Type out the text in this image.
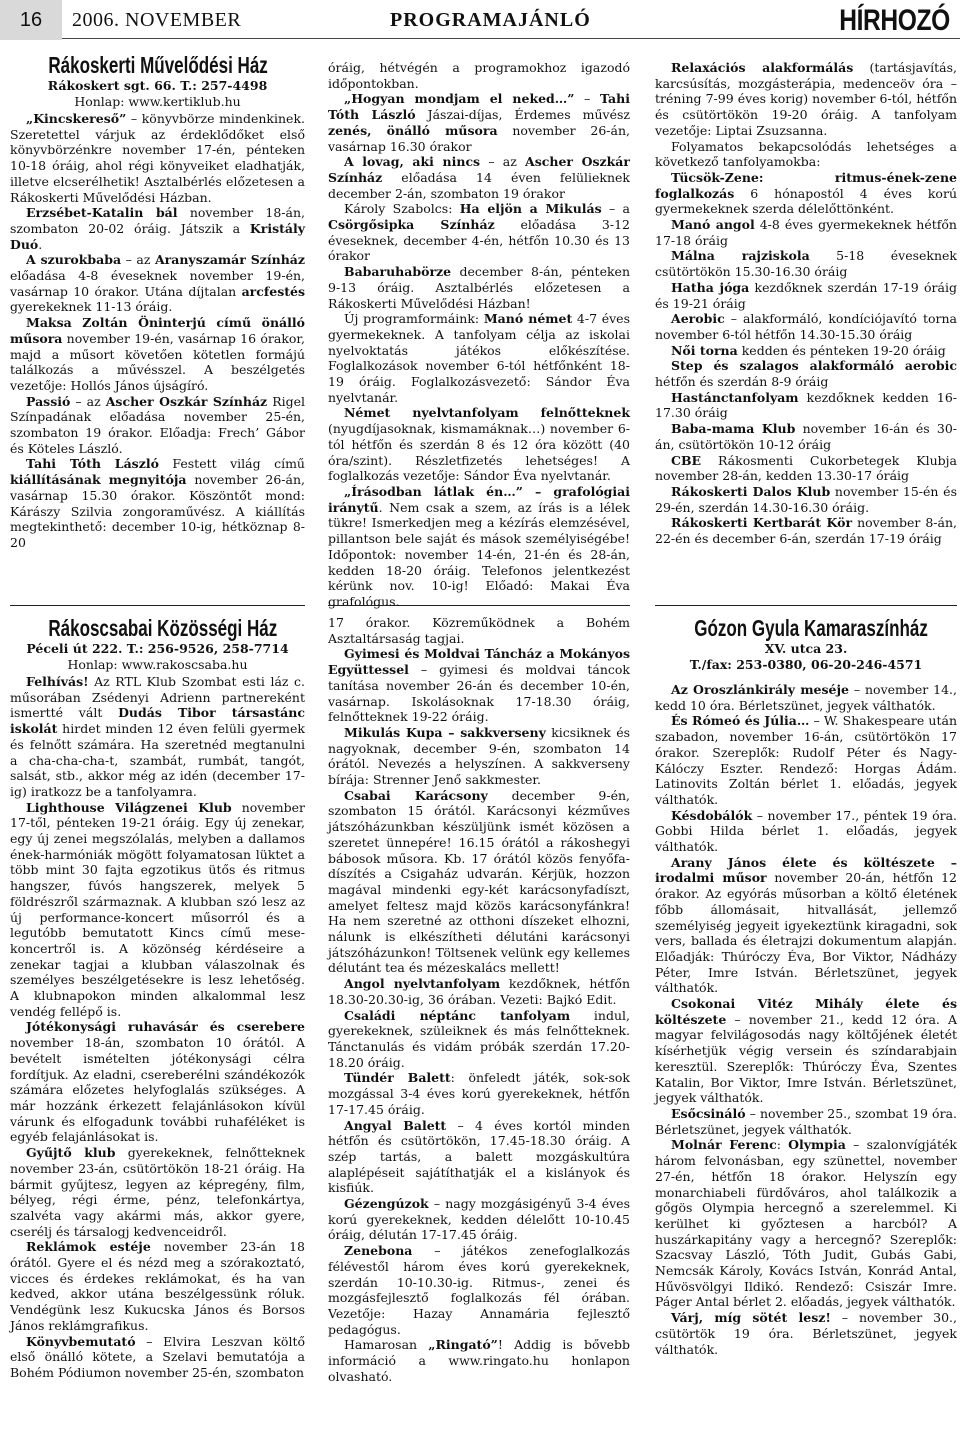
16	2006. NOVEMBER	PROGRAMAJÁNLÓ	HÍRHOZÓ
Rákoskerti Művelődési Ház
Rákoskert sgt. 66. T.: 257-4498
Honlap: www.kertiklub.hu

„Kincskereső” – könyvbörze mindenkinek. Szeretettel várjuk az érdeklődőket első könyvbörzénkre november 17-én, pénteken 10-18 óráig, ahol régi könyveiket eladhatják, illetve elcserélhetik! Asztalbérlés előzetesen a Rákoskerti Művelődési Házban.

Erzsébet-Katalin bál november 18-án, szombaton 20-02 óráig. Játszik a Kristály Duó.

A szurokbaba – az Aranyszamár Színház előadása 4-8 éveseknek november 19-én, vasárnap 10 órakor. Utána díjtalan arcfestés gyerekeknek 11-13 óráig.

Maksa Zoltán Öninterjú című önálló műsora november 19-én, vasárnap 16 órakor, majd a műsort követően kötetlen formájú találkozás a művésszel. A beszélgetés vezetője: Hollós János újságíró.

Passió – az Ascher Oszkár Színház Rigel Színpadának előadása november 25-én, szombaton 19 órakor. Előadja: Frech’ Gábor és Köteles László.

Tahi Tóth László Festett világ című kiállításának megnyitója november 26-án, vasárnap 15.30 órakor. Köszöntőt mond: Kárászy Szilvia zongoraművész. A kiállítás megtekinthető: december 10-ig, hétköznap 8-20

óráig, hétvégén a programokhoz igazodó időpontokban.

„Hogyan mondjam el neked…” – Tahi Tóth László Jászai-díjas, Érdemes művész zenés, önálló műsora november 26-án, vasárnap 16.30 órakor

A lovag, aki nincs – az Ascher Oszkár Színház előadása 14 éven felülieknek december 2-án, szombaton 19 órakor

Károly Szabolcs: Ha eljön a Mikulás – a Csörgősipka Színház előadása 3-12 éveseknek, december 4-én, hétfőn 10.30 és 13 órakor

Babaruhabörze december 8-án, pénteken 9-13 óráig. Asztalbérlés előzetesen a Rákoskerti Művelődési Házban!

Új programformáink: Manó német 4-7 éves gyermekeknek. A tanfolyam célja az iskolai nyelvoktatás játékos előkészítése. Foglalkozások november 6-tól hétfőnként 18-19 óráig. Foglalkozásvezető: Sándor Éva nyelvtanár.

Német nyelvtanfolyam felnőtteknek (nyugdíjasoknak, kismamáknak…) november 6-tól hétfőn és szerdán 8 és 12 óra között (40 óra/szint). Részletfizetés lehetséges! A foglalkozás vezetője: Sándor Éva nyelvtanár.

„Írásodban látlak én…” – grafológiai iránytű. Nem csak a szem, az írás is a lélek tükre! Ismerkedjen meg a kézírás elemzésével, pillantson bele saját és mások személyiségébe! Időpontok: november 14-én, 21-én és 28-án, kedden 18-20 óráig. Telefonos jelentkezést kérünk nov. 10-ig! Előadó: Makai Éva grafológus.

Relaxációs alakformálás (tartásjavítás, karcsúsítás, mozgásterápia, medenceöv óra – tréning 7-99 éves korig) november 6-tól, hétfőn és csütörtökön 19-20 óráig. A tanfolyam vezetője: Liptai Zsuzsanna.

Folyamatos bekapcsolódás lehetséges a következő tanfolyamokba:

Tücsök-Zene: ritmus-ének-zene foglalkozás 6 hónapostól 4 éves korú gyermekeknek szerda délelőttönként.

Manó angol 4-8 éves gyermekeknek hétfőn 17-18 óráig

Málna rajziskola 5-18 éveseknek csütörtökön 15.30-16.30 óráig

Hatha jóga kezdőknek szerdán 17-19 óráig és 19-21 óráig

Aerobic – alakformáló, kondíciójavító torna november 6-tól hétfőn 14.30-15.30 óráig

Női torna kedden és pénteken 19-20 óráig

Step és szalagos alakformáló aerobic hétfőn és szerdán 8-9 óráig

Hastánctanfolyam kezdőknek kedden 16-17.30 óráig

Baba-mama Klub november 16-án és 30-án, csütörtökön 10-12 óráig

CBE Rákosmenti Cukorbetegek Klubja november 28-án, kedden 13.30-17 óráig

Rákoskerti Dalos Klub november 15-én és 29-én, szerdán 14.30-16.30 óráig.

Rákoskerti Kertbarát Kör november 8-án, 22-én és december 6-án, szerdán 17-19 óráig

Rákoscsabai Közösségi Ház
Péceli út 222. T.: 256-9526, 258-7714
Honlap: www.rakoscsaba.hu

Felhívás! Az RTL Klub Szombat esti láz c. műsorában Zsédenyi Adrienn partnereként ismertté vált Dudás Tibor társastánc iskolát hirdet minden 12 éven felüli gyermek és felnőtt számára. Ha szeretnéd megtanulni a cha-cha-cha-t, szambát, rumbát, tangót, salsát, stb., akkor még az idén (december 17-ig) iratkozz be a tanfolyamra.

Lighthouse Világzenei Klub november 17-től, pénteken 19-21 óráig. Egy új zenekar, egy új zenei megszólalás, melyben a dallamos ének-harmóniák mögött folyamatosan lüktet a több mint 30 fajta egzotikus ütős és ritmus hangszer, fúvós hangszerek, melyek 5 földrészről származnak. A klubban szó lesz az új performance-koncert műsorról és a legutóbb bemutatott Kincs című mese-koncertről is. A közönség kérdéseire a zenekar tagjai a klubban válaszolnak és személyes beszélgetésekre is lesz lehetőség. A klubnapokon minden alkalommal lesz vendég fellépő is.

Jótékonysági ruhavásár és cserebere november 18-án, szombaton 10 órától. A bevételt ismételten jótékonysági célra fordítjuk. Az eladni, csereberélni szándékozók számára előzetes helyfoglalás szükséges. A már hozzánk érkezett felajánlásokon kívül várunk és elfogadunk további ruhaféléket is egyéb felajánlásokat is.

Gyűjtő klub gyerekeknek, felnőtteknek november 23-án, csütörtökön 18-21 óráig. Ha bármit gyűjtesz, legyen az képregény, film, bélyeg, régi érme, pénz, telefonkártya, szalvéta vagy akármi más, akkor gyere, cserélj és társalogj kedvenceidről.

Reklámok estéje november 23-án 18 órától. Gyere el és nézd meg a szórakoztató, vicces és érdekes reklámokat, és ha van kedved, akkor utána beszélgessünk róluk. Vendégünk lesz Kukucska János és Borsos János reklámgrafikus.

Könyvbemutató – Elvira Leszvan költő első önálló kötete, a Szelavi bemutatója a Bohém Pódiumon november 25-én, szombaton

17 órakor. Közreműködnek a Bohém Asztaltársaság tagjai.

Gyimesi és Moldvai Táncház a Mokányos Együttessel – gyimesi és moldvai táncok tanítása november 26-án és december 10-én, vasárnap. Iskolásoknak 17-18.30 óráig, felnőtteknek 19-22 óráig.

Mikulás Kupa – sakkverseny kicsiknek és nagyoknak, december 9-én, szombaton 14 órától. Nevezés a helyszínen. A sakkverseny bírája: Strenner Jenő sakkmester.

Csabai Karácsony december 9-én, szombaton 15 órától. Karácsonyi kézműves játszóházunkban készüljünk ismét közösen a szeretet ünnepére! 16.15 órától a rákoshegyi bábosok műsora. Kb. 17 órától közös fenyőfa-díszítés a Csigaház udvarán. Kérjük, hozzon magával mindenki egy-két karácsonyfadíszt, amelyet feltesz majd közös karácsonyfánkra! Ha nem szeretné az otthoni díszeket elhozni, nálunk is elkészítheti délutáni karácsonyi játszóházunkon! Töltsenek velünk egy kellemes délutánt tea és mézeskalács mellett!

Angol nyelvtanfolyam kezdőknek, hétfőn 18.30-20.30-ig, 36 órában. Vezeti: Bajkó Edit.

Családi néptánc tanfolyam indul, gyerekeknek, szüleiknek és más felnőtteknek. Tánctanulás és vidám próbák szerdán 17.20-18.20 óráig.

Tündér Balett: önfeledt játék, sok-sok mozgással 3-4 éves korú gyerekeknek, hétfőn 17-17.45 óráig.

Angyal Balett – 4 éves kortól minden hétfőn és csütörtökön, 17.45-18.30 óráig. A szép tartás, a balett mozgáskultúra alaplépéseit sajátíthatják el a kislányok és kisfiúk.

Gézengúzok – nagy mozgásigényű 3-4 éves korú gyerekeknek, kedden délelőtt 10-10.45 óráig, délután 17-17.45 óráig.

Zenebona – játékos zenefoglalkozás félévestől három éves korú gyerekeknek, szerdán 10-10.30-ig. Ritmus-, zenei és mozgásfejlesztő foglalkozás fél órában. Vezetője: Hazay Annamária fejlesztő pedagógus.

Hamarosan „Ringató”! Addig is bővebb információ a www.ringato.hu honlapon olvasható.

Gózon Gyula Kamaraszínház
XV. utca 23.
T./fax: 253-0380, 06-20-246-4571

Az Oroszlánkirály meséje – november 14., kedd 10 óra. Bérletszünet, jegyek válthatók.

És Rómeó és Júlia… – W. Shakespeare után szabadon, november 16-án, csütörtökön 17 órakor. Szereplők: Rudolf Péter és Nagy-Kálóczy Eszter. Rendező: Horgas Ádám. Latinovits Zoltán bérlet 1. előadás, jegyek válthatók.

Késdobálók – november 17., péntek 19 óra. Gobbi Hilda bérlet 1. előadás, jegyek válthatók.

Arany János élete és költészete – irodalmi műsor november 20-án, hétfőn 12 órakor. Az egyórás műsorban a költő életének főbb állomásait, hitvallását, jellemző személyiség jegyeit igyekeztünk kiragadni, sok vers, ballada és életrajzi dokumentum alapján. Előadják: Thúróczy Éva, Bor Viktor, Nádházy Péter, Imre István. Bérletszünet, jegyek válthatók.

Csokonai Vitéz Mihály élete és költészete – november 21., kedd 12 óra. A magyar felvilágosodás nagy költőjének életét kísérhetjük végig versein és színdarabjain keresztül. Szereplők: Thúróczy Éva, Szentes Katalin, Bor Viktor, Imre István. Bérletszünet, jegyek válthatók.

Esőcsináló – november 25., szombat 19 óra. Bérletszünet, jegyek válthatók.

Molnár Ferenc: Olympia – szalonvígjáték három felvonásban, egy szünettel, november 27-én, hétfőn 18 órakor. Helyszín egy monarchiabeli fürdőváros, ahol találkozik a gőgös Olympia hercegnő a szerelemmel. Ki kerülhet ki győztesen a harcból? A huszárkapitány vagy a hercegnő? Szereplők: Szacsvay László, Tóth Judit, Gubás Gabi, Nemcsák Károly, Kovács István, Konrád Antal, Hűvösvölgyi Ildikó. Rendező: Csiszár Imre. Páger Antal bérlet 2. előadás, jegyek válthatók.

Várj, míg sötét lesz! – november 30., csütörtök 19 óra. Bérletszünet, jegyek válthatók.
